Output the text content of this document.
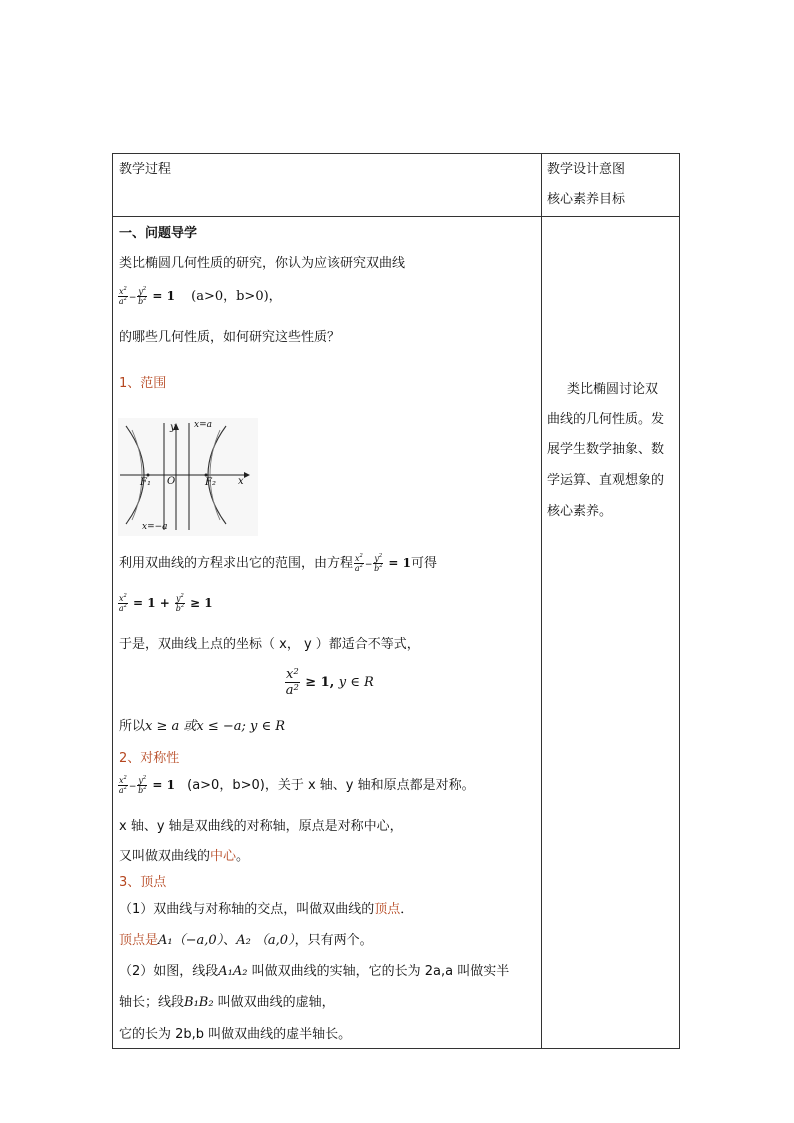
教学过程	教学设计意图
核心素养目标
一、问题导学
类比椭圆几何性质的研究，你认为应该研究双曲线
$\frac{x^2}{a^2} - \frac{y^2}{b^2} = 1$ (a>0，b>0)，
的哪些几何性质，如何研究这些性质？
1、范围
y x=a
x
F₁ O	F₂
x=−a
利用双曲线的方程求出它的范围，由方程 $\frac{x^2}{a^2} - \frac{y^2}{b^2} = 1$可得
$\frac{x^2}{a^2} = 1 + \frac{y^2}{b^2} \ge 1$
于是，双曲线上点的坐标（ x， y ）都适合不等式，
$\frac{x^2}{a^2} \ge 1$, y ∈ R
所以x ≥ a 或x ≤ −a; y ∈ R
2、对称性
$\frac{x^2}{a^2} - \frac{y^2}{b^2} = 1$ (a>0，b>0)，关于 x 轴、y 轴和原点都是对称。
x 轴、y 轴是双曲线的对称轴，原点是对称中心，
又叫做双曲线的中心。
3、顶点
（1）双曲线与对称轴的交点，叫做双曲线的顶点．
顶点是A₁（−a,0）、A₂ （a,0），只有两个。
（2）如图，线段A₁A₂ 叫做双曲线的实轴，它的长为 2a,a 叫做实半
轴长；线段B₁B₂ 叫做双曲线的虚轴，
它的长为 2b,b 叫做双曲线的虚半轴长。
类比椭圆讨论双
曲线的几何性质。发
展学生数学抽象、数
学运算、直观想象的
核心素养。
